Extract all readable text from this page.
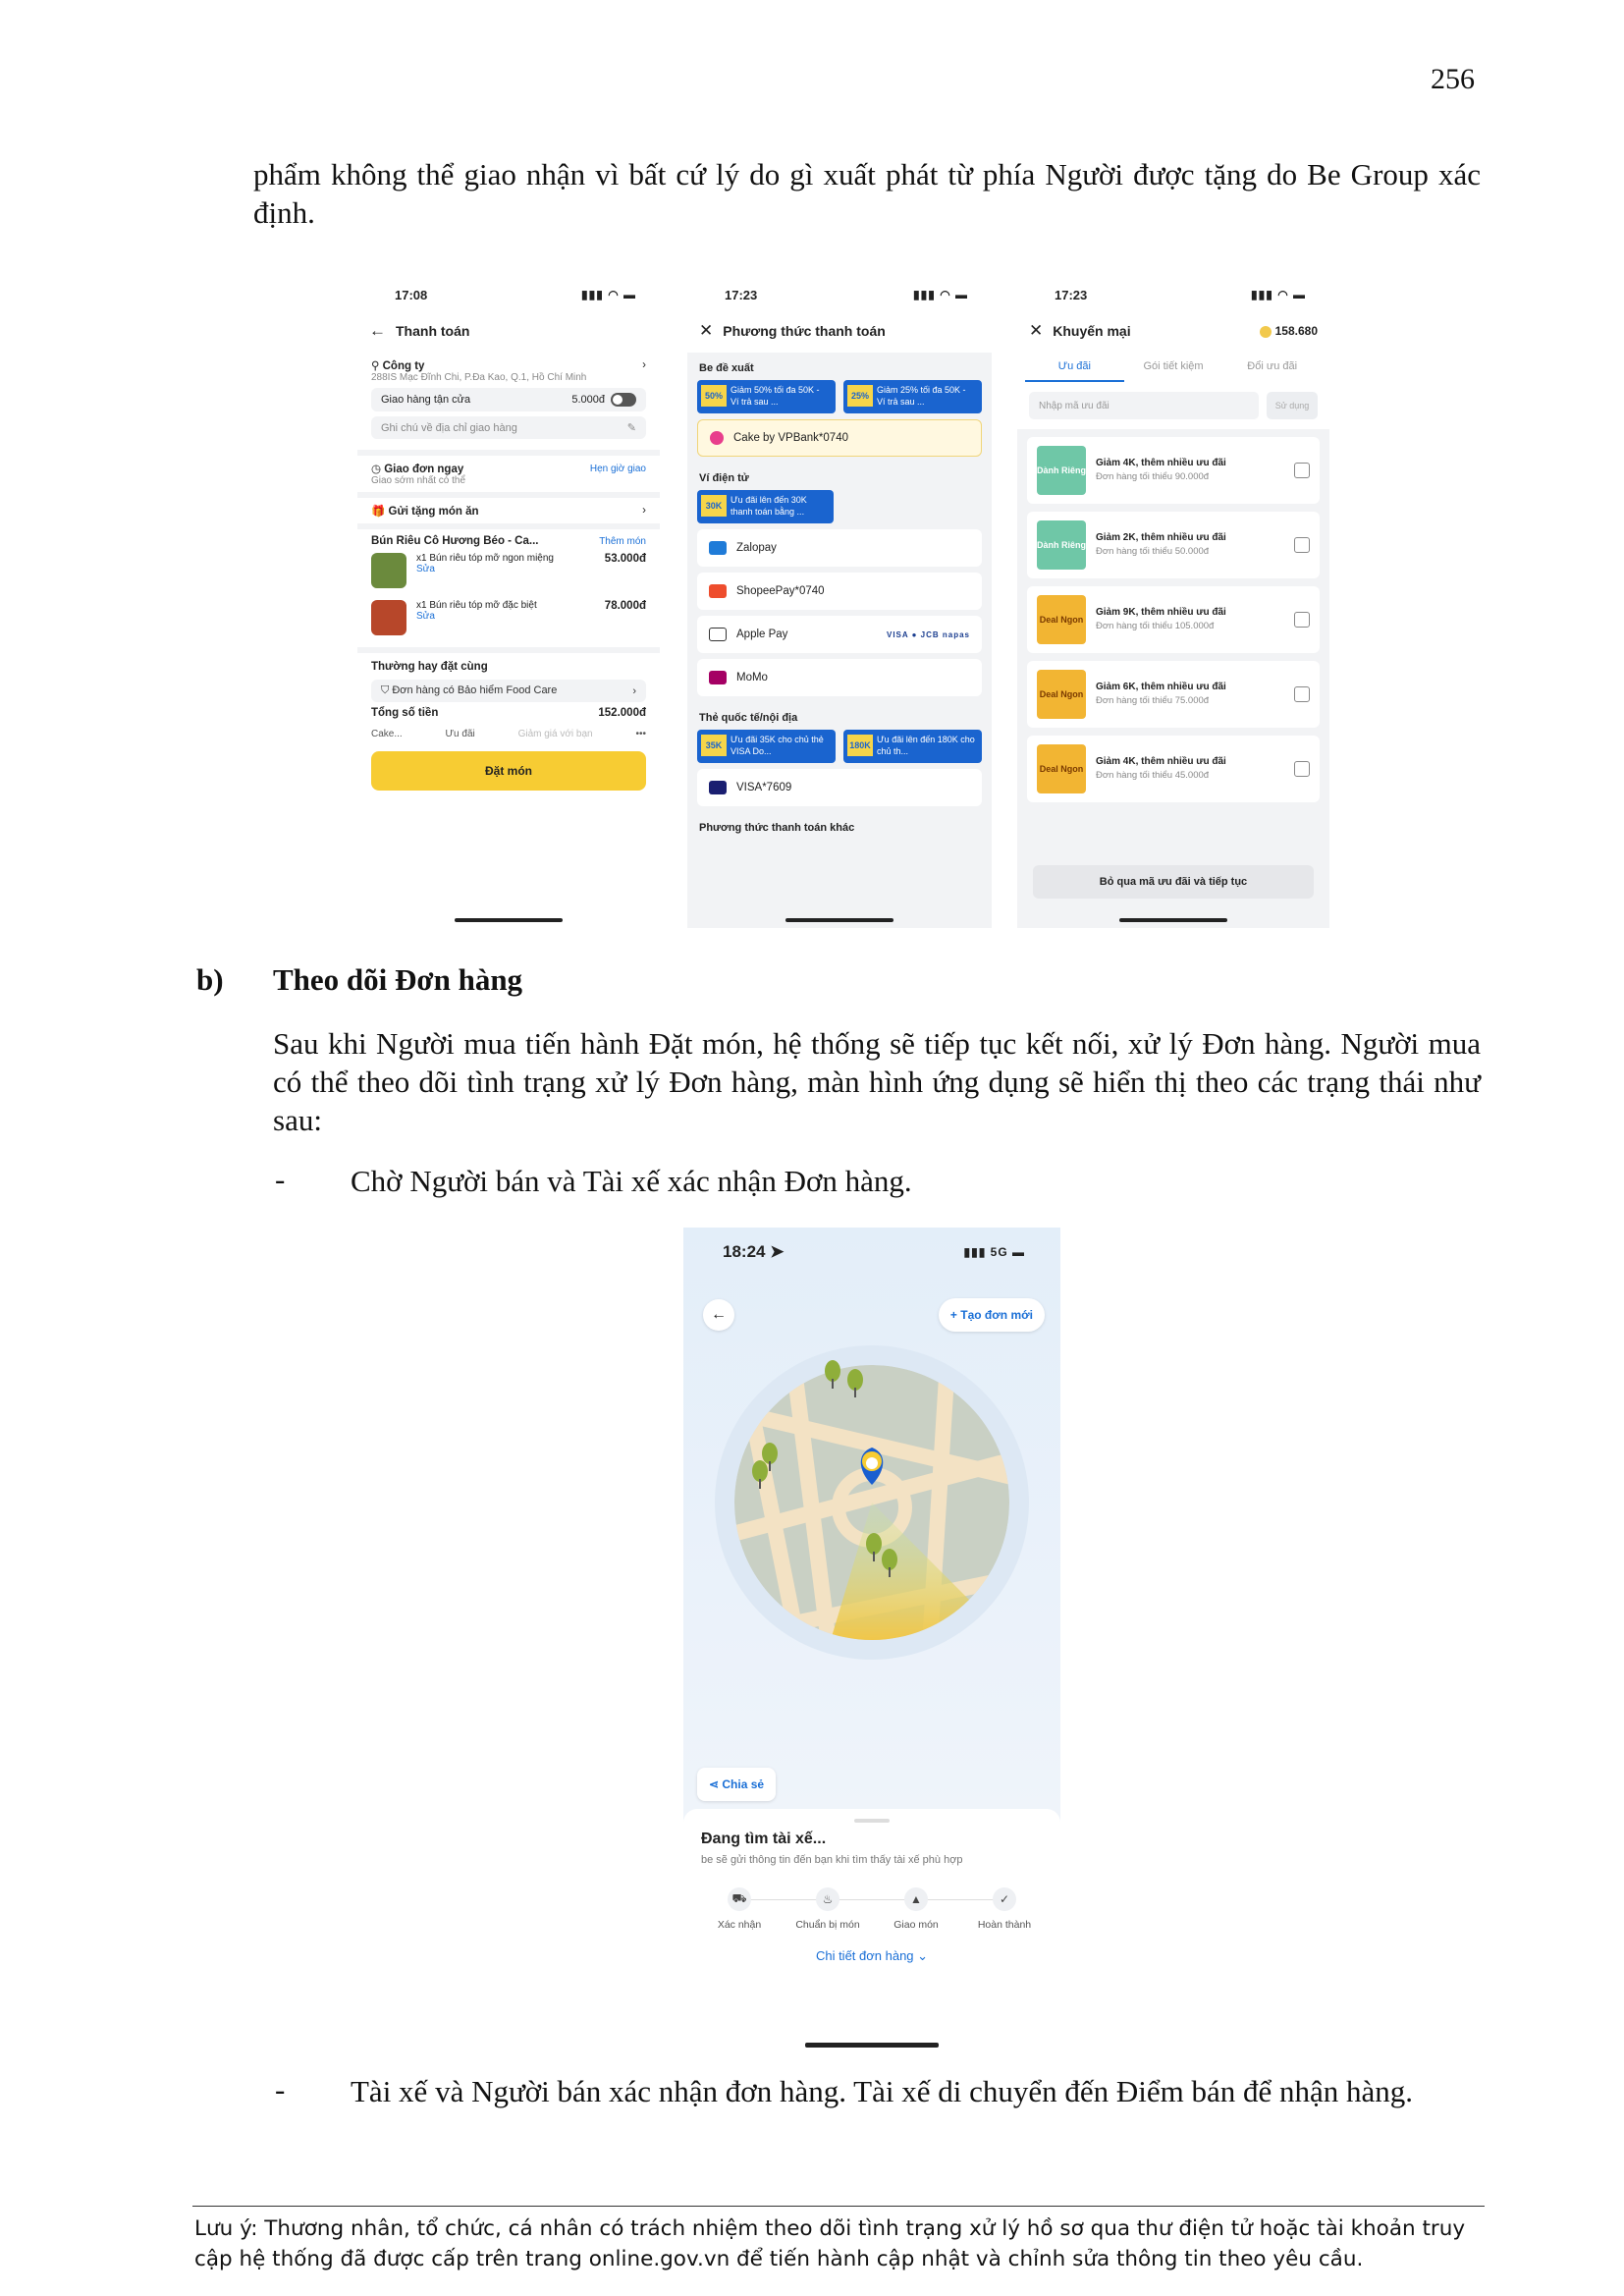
256
phẩm không thể giao nhận vì bất cứ lý do gì xuất phát từ phía Người được tặng do Be Group xác định.
17:08	▮▮▮ ◠ ▬
← Thanh toán
⚲ Công ty	›
288IS Mạc Đĩnh Chi, P.Đa Kao, Q.1, Hồ Chí Minh
Giao hàng tận cửa	5.000đ
Ghi chú về địa chỉ giao hàng	✎
◷ Giao đơn ngay	Hẹn giờ giao
Giao sớm nhất có thể
🎁 Gửi tặng món ăn	›
Bún Riêu Cô Hương Béo - Ca...	Thêm món
x1 Bún riêu tóp mỡ ngon miệng
Sửa
53.000đ
x1 Bún riêu tóp mỡ đặc biệt
Sửa
78.000đ
Thường hay đặt cùng
⛉ Đơn hàng có Bảo hiểm Food Care	›
Tổng số tiền	152.000đ
Cake...	Ưu đãi	Giảm giá với bạn	•••
Đặt món
17:23	▮▮▮ ◠ ▬
✕ Phương thức thanh toán
Be đề xuất
50%
Giảm 50% tối đa 50K - Ví trả sau ...
25%
Giảm 25% tối đa 50K - Ví trả sau ...
Cake by VPBank*0740
Ví điện tử
30K
Ưu đãi lên đến 30K thanh toán bằng ...
Zalopay
ShopeePay*0740
Apple Pay	VISA ● JCB napas
MoMo
Thẻ quốc tế/nội địa
35K
Ưu đãi 35K cho chủ thẻ VISA Do...
180K
Ưu đãi lên đến 180K cho chủ th...
VISA*7609
Phương thức thanh toán khác
17:23	▮▮▮ ◠ ▬
✕ Khuyến mại	158.680
Ưu đãi	Gói tiết kiệm	Đổi ưu đãi
Nhập mã ưu đãi	Sử dụng
Dành Riêng
Giảm 4K, thêm nhiều ưu đãi
Đơn hàng tối thiểu 90.000đ
Dành Riêng
Giảm 2K, thêm nhiều ưu đãi
Đơn hàng tối thiểu 50.000đ
Deal Ngon
Giảm 9K, thêm nhiều ưu đãi
Đơn hàng tối thiểu 105.000đ
Deal Ngon
Giảm 6K, thêm nhiều ưu đãi
Đơn hàng tối thiểu 75.000đ
Deal Ngon
Giảm 4K, thêm nhiều ưu đãi
Đơn hàng tối thiểu 45.000đ
Bỏ qua mã ưu đãi và tiếp tục
b) Theo dõi Đơn hàng
Sau khi Người mua tiến hành Đặt món, hệ thống sẽ tiếp tục kết nối, xử lý Đơn hàng. Người mua có thể theo dõi tình trạng xử lý Đơn hàng, màn hình ứng dụng sẽ hiển thị theo các trạng thái như sau:
- Chờ Người bán và Tài xế xác nhận Đơn hàng.
18:24 ➤	▮▮▮ 5G ▬
←	+ Tạo đơn mới
⋖ Chia sẻ
Đang tìm tài xế...
be sẽ gửi thông tin đến bạn khi tìm thấy tài xế phù hợp
⛟
Xác nhận
♨
Chuẩn bị món
▲
Giao món
✓
Hoàn thành
Chi tiết đơn hàng ⌄
- Tài xế và Người bán xác nhận đơn hàng. Tài xế di chuyển đến Điểm bán để nhận hàng.
Lưu ý: Thương nhân, tổ chức, cá nhân có trách nhiệm theo dõi tình trạng xử lý hồ sơ qua thư điện tử hoặc tài khoản truy cập hệ thống đã được cấp trên trang online.gov.vn để tiến hành cập nhật và chỉnh sửa thông tin theo yêu cầu.
